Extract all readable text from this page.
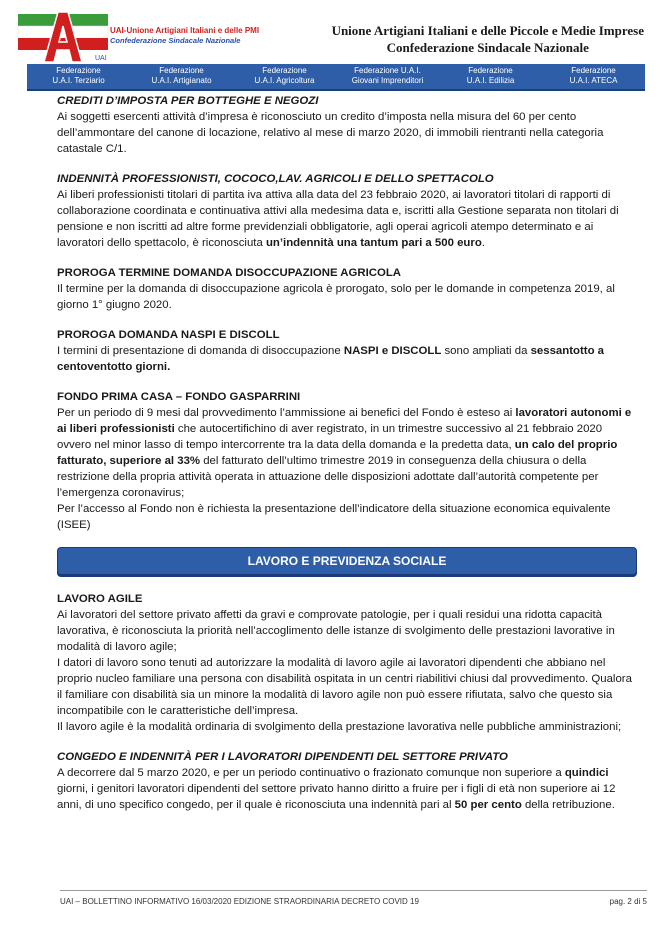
UAI
UAI-Unione Artigiani Italiani e delle PMI
Confederazione Sindacale Nazionale
Unione Artigiani Italiani e delle Piccole e Medie Imprese
Confederazione Sindacale Nazionale
Federazione
U.A.I. Terziario
Federazione
U.A.I. Artigianato
Federazione
U.A.I. Agricoltura
Federazione U.A.I.
Giovani Imprenditori
Federazione
U.A.I. Edilizia
Federazione
U.A.I. ATECA

CREDITI D’IMPOSTA PER BOTTEGHE E NEGOZI

Ai soggetti esercenti attività d’impresa è riconosciuto un credito d’imposta nella misura del 60 per cento dell’ammontare del canone di locazione, relativo al mese di marzo 2020, di immobili rientranti nella categoria catastale C/1.

INDENNITÀ PROFESSIONISTI, COCOCO,LAV. AGRICOLI E DELLO SPETTACOLO

Ai liberi professionisti titolari di partita iva attiva alla data del 23 febbraio 2020, ai lavoratori titolari di rapporti di collaborazione coordinata e continuativa attivi alla medesima data e, iscritti alla Gestione separata non titolari di pensione e non iscritti ad altre forme previdenziali obbligatorie, agli operai agricoli atempo determinato e ai lavoratori dello spettacolo, è riconosciuta un’indennità una tantum pari a 500 euro.

PROROGA TERMINE DOMANDA DISOCCUPAZIONE AGRICOLA

Il termine per la domanda di disoccupazione agricola è prorogato, solo per le domande in competenza 2019, al giorno 1° giugno 2020.

PROROGA DOMANDA NASPI E DISCOLL

I termini di presentazione di domanda di disoccupazione NASPI e DISCOLL sono ampliati da sessantotto a centoventotto giorni.

FONDO PRIMA CASA – FONDO GASPARRINI

Per un periodo di 9 mesi dal provvedimento l’ammissione ai benefici del Fondo è esteso ai lavoratori autonomi e ai liberi professionisti che autocertifichino di aver registrato, in un trimestre successivo al 21 febbraio 2020 ovvero nel minor lasso di tempo intercorrente tra la data della domanda e la predetta data, un calo del proprio fatturato, superiore al 33% del fatturato dell’ultimo trimestre 2019 in conseguenza della chiusura o della restrizione della propria attività operata in attuazione delle disposizioni adottate dall’autorità competente per l’emergenza coronavirus;

Per l’accesso al Fondo non è richiesta la presentazione dell’indicatore della situazione economica equivalente (ISEE)

LAVORO E PREVIDENZA SOCIALE

LAVORO AGILE

Ai lavoratori del settore privato affetti da gravi e comprovate patologie, per i quali residui una ridotta capacità lavorativa, è riconosciuta la priorità nell’accoglimento delle istanze di svolgimento delle prestazioni lavorative in modalità di lavoro agile;

I datori di lavoro sono tenuti ad autorizzare la modalità di lavoro agile ai lavoratori dipendenti che abbiano nel proprio nucleo familiare una persona con disabilità ospitata in un centri riabilitivi chiusi dal provvedimento. Qualora il familiare con disabilità sia un minore la modalità di lavoro agile non può essere rifiutata, salvo che questo sia incompatibile con le caratteristiche dell’impresa.

Il lavoro agile è la modalità ordinaria di svolgimento della prestazione lavorativa nelle pubbliche amministrazioni;

CONGEDO E INDENNITÀ PER I LAVORATORI DIPENDENTI DEL SETTORE PRIVATO

A decorrere dal 5 marzo 2020, e per un periodo continuativo o frazionato comunque non superiore a quindici giorni, i genitori lavoratori dipendenti del settore privato hanno diritto a fruire per i figli di età non superiore ai 12 anni, di uno specifico congedo, per il quale è riconosciuta una indennità pari al 50 per cento della retribuzione.

UAI – BOLLETTINO INFORMATIVO 16/03/2020 EDIZIONE STRAORDINARIA DECRETO COVID 19	pag. 2 di 5
